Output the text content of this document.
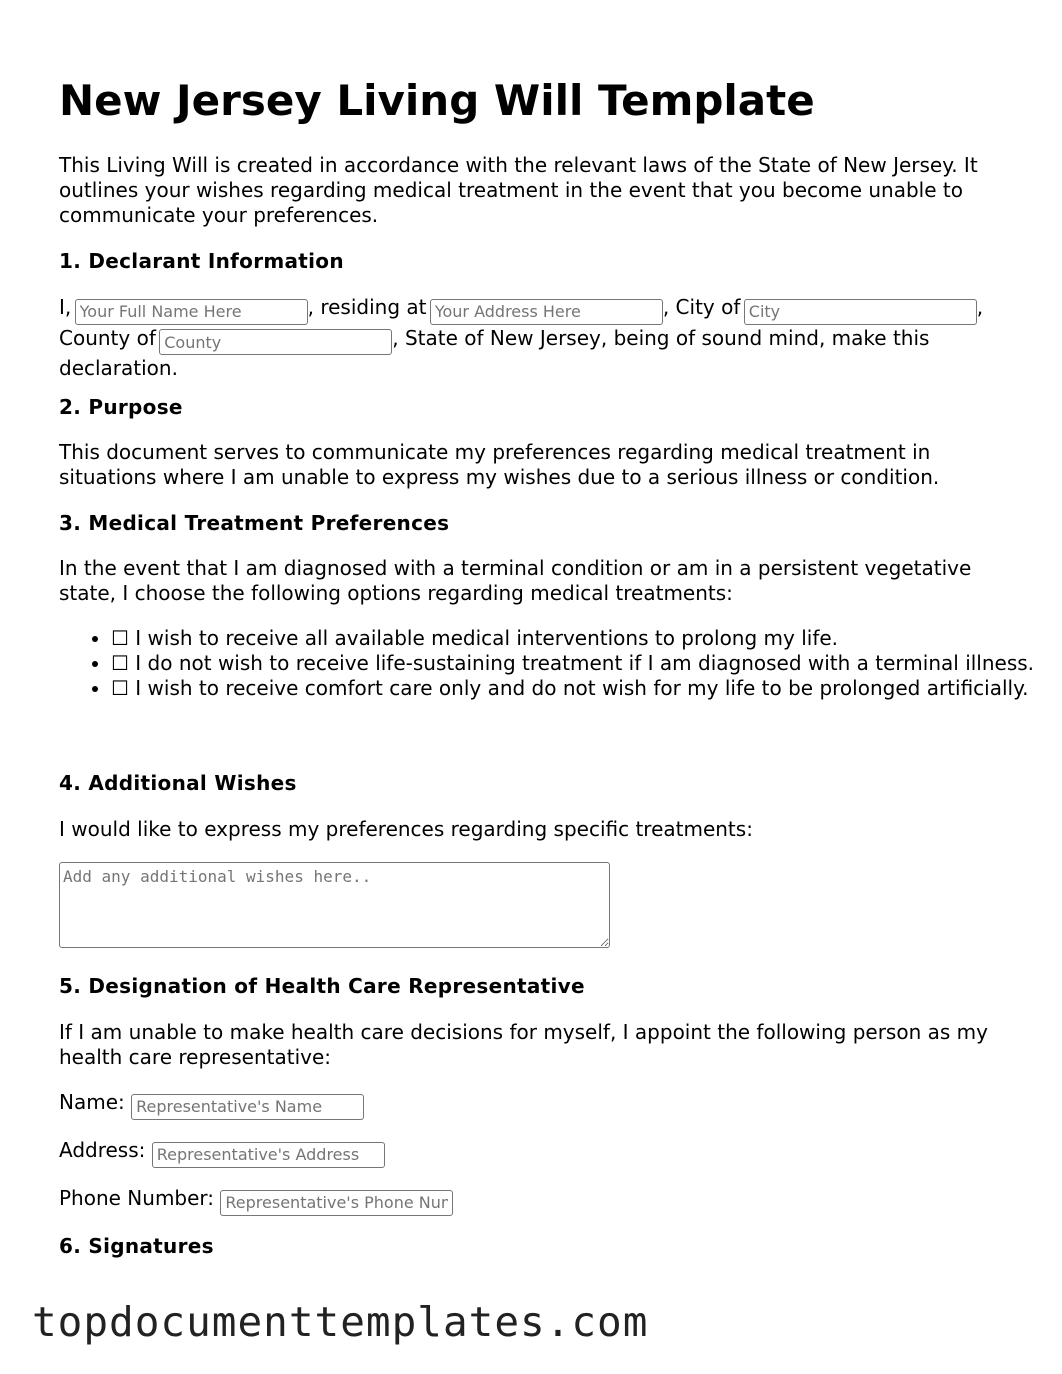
New Jersey Living Will Template

This Living Will is created in accordance with the relevant laws of the State of New Jersey. It outlines your wishes regarding medical treatment in the event that you become unable to communicate your preferences.

1. Declarant Information
I, Your Full Name Here	, residing at Your Address Here	, City of City	,
County of County	, State of New Jersey, being of sound mind, make this declaration.
2. Purpose

This document serves to communicate my preferences regarding medical treatment in situations where I am unable to express my wishes due to a serious illness or condition.

3. Medical Treatment Preferences

In the event that I am diagnosed with a terminal condition or am in a persistent vegetative state, I choose the following options regarding medical treatments:

• ☐ I wish to receive all available medical interventions to prolong my life.
• ☐ I do not wish to receive life-sustaining treatment if I am diagnosed with a terminal illness.
• ☐ I wish to receive comfort care only and do not wish for my life to be prolonged artificially.
4. Additional Wishes

I would like to express my preferences regarding specific treatments:

Add any additional wishes here..
5. Designation of Health Care Representative

If I am unable to make health care decisions for myself, I appoint the following person as my health care representative:

Name: Representative's Name
Address: Representative's Address
Phone Number: Representative's Phone Number
6. Signatures
topdocumenttemplates.com
